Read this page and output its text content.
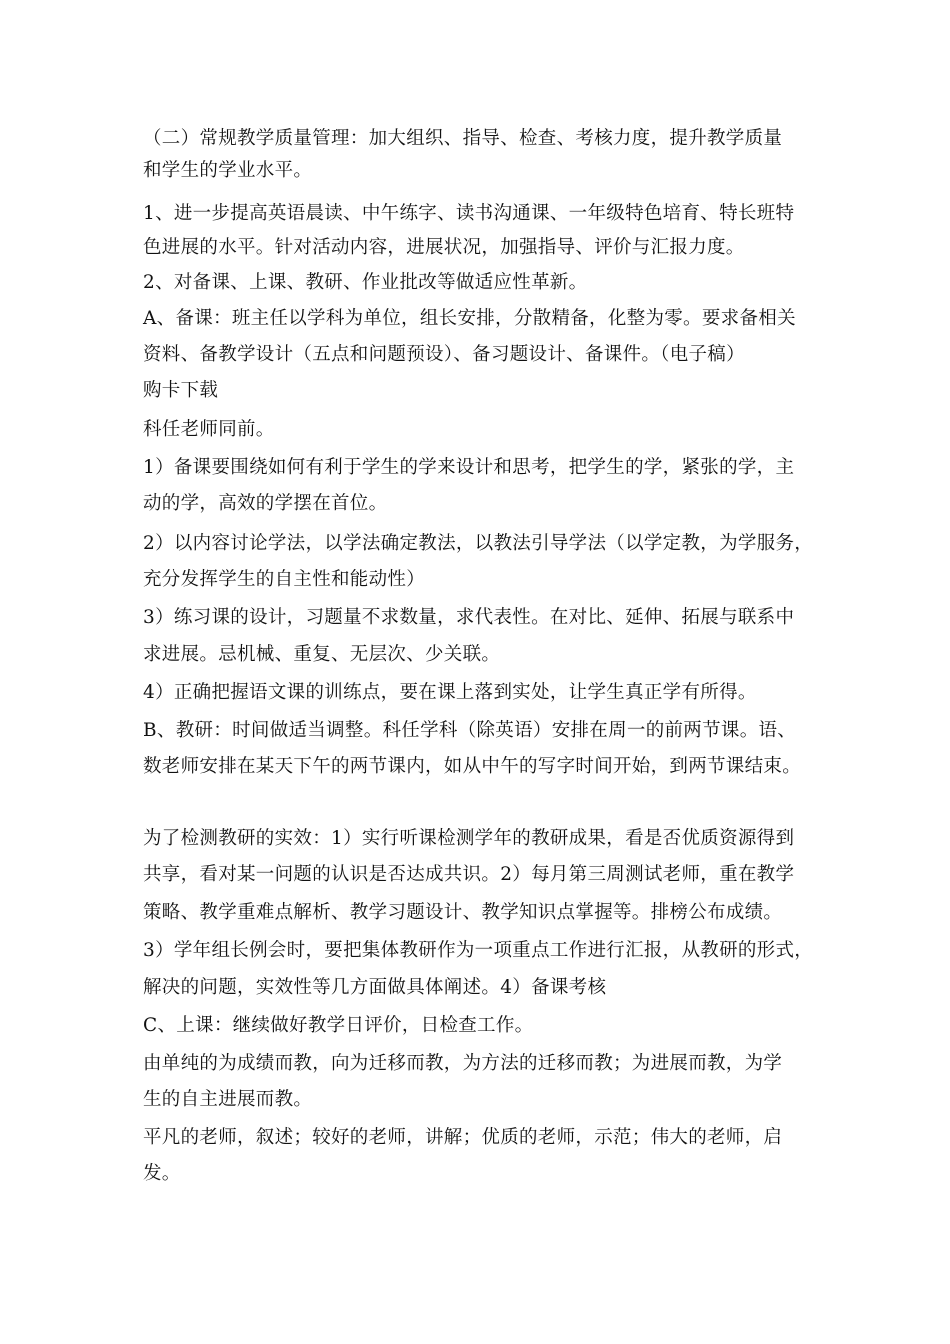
（二）常规教学质量管理：加大组织、指导、检查、考核力度，提升教学质量
和学生的学业水平。
1、进一步提高英语晨读、中午练字、读书沟通课、一年级特色培育、特长班特
色进展的水平。针对活动内容，进展状况，加强指导、评价与汇报力度。
2、对备课、上课、教研、作业批改等做适应性革新。
A、备课：班主任以学科为单位，组长安排，分散精备，化整为零。要求备相关
资料、备教学设计（五点和问题预设）、备习题设计、备课件。（电子稿）
购卡下载
科任老师同前。
1）备课要围绕如何有利于学生的学来设计和思考，把学生的学，紧张的学，主
动的学，高效的学摆在首位。
2）以内容讨论学法，以学法确定教法，以教法引导学法（以学定教，为学服务，
充分发挥学生的自主性和能动性）
3）练习课的设计，习题量不求数量，求代表性。在对比、延伸、拓展与联系中
求进展。忌机械、重复、无层次、少关联。
4）正确把握语文课的训练点，要在课上落到实处，让学生真正学有所得。
B、教研：时间做适当调整。科任学科（除英语）安排在周一的前两节课。语、
数老师安排在某天下午的两节课内，如从中午的写字时间开始，到两节课结束。
为了检测教研的实效：1）实行听课检测学年的教研成果，看是否优质资源得到
共享，看对某一问题的认识是否达成共识。2）每月第三周测试老师，重在教学
策略、教学重难点解析、教学习题设计、教学知识点掌握等。排榜公布成绩。
3）学年组长例会时，要把集体教研作为一项重点工作进行汇报，从教研的形式，
解决的问题，实效性等几方面做具体阐述。4）备课考核
C、上课：继续做好教学日评价，日检查工作。
由单纯的为成绩而教，向为迁移而教，为方法的迁移而教；为进展而教，为学
生的自主进展而教。
平凡的老师，叙述；较好的老师，讲解；优质的老师，示范；伟大的老师，启
发。
